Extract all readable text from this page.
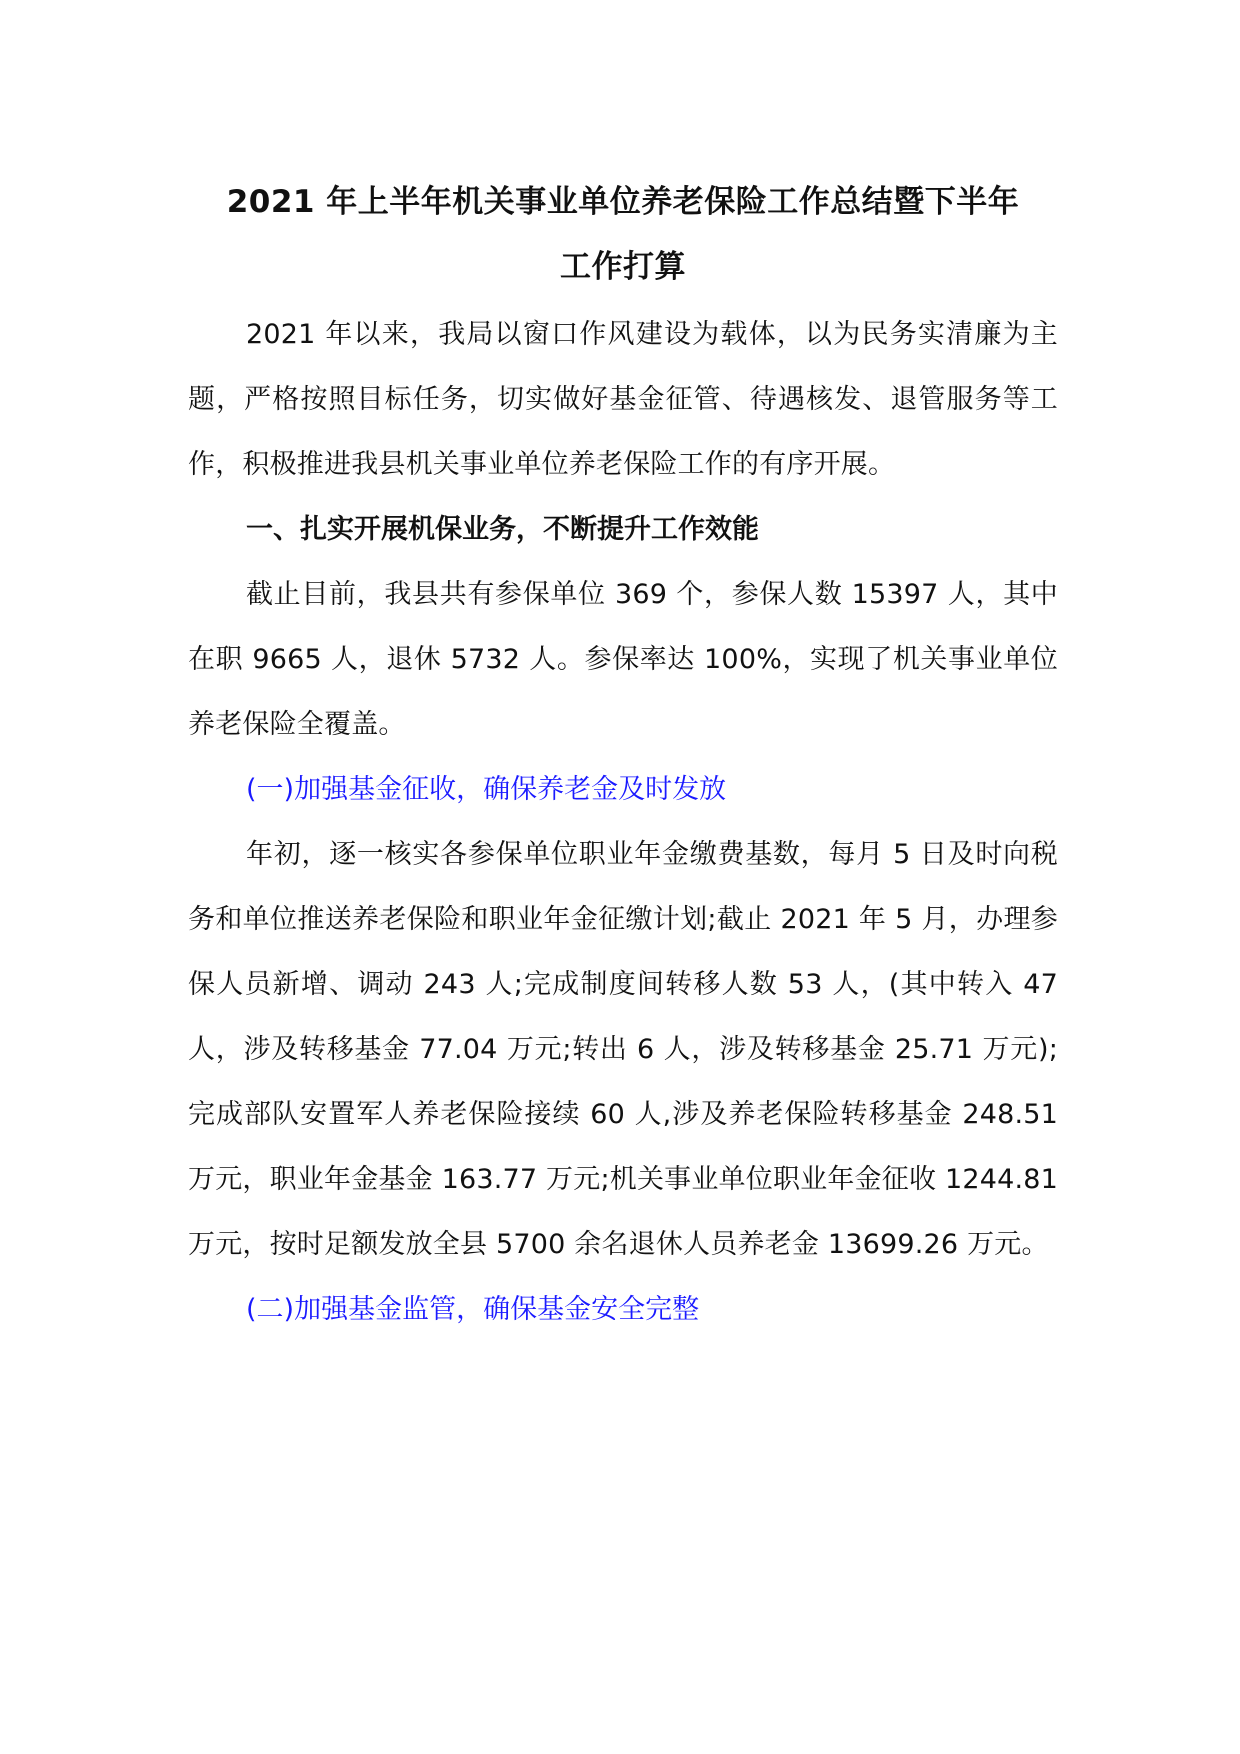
2021 年上半年机关事业单位养老保险工作总结暨下半年
工作打算

2021 年以来，我局以窗口作风建设为载体，以为民务实清廉为主题，严格按照目标任务，切实做好基金征管、待遇核发、退管服务等工作，积极推进我县机关事业单位养老保险工作的有序开展。

一、扎实开展机保业务，不断提升工作效能

截止目前，我县共有参保单位 369 个，参保人数 15397 人，其中在职 9665 人，退休 5732 人。参保率达 100%，实现了机关事业单位养老保险全覆盖。

(一)加强基金征收，确保养老金及时发放

年初，逐一核实各参保单位职业年金缴费基数，每月 5 日及时向税务和单位推送养老保险和职业年金征缴计划;截止 2021 年 5 月，办理参保人员新增、调动 243 人;完成制度间转移人数 53 人，(其中转入 47 人，涉及转移基金 77.04 万元;转出 6 人，涉及转移基金 25.71 万元);完成部队安置军人养老保险接续 60 人,涉及养老保险转移基金 248.51 万元，职业年金基金 163.77 万元;机关事业单位职业年金征收 1244.81 万元，按时足额发放全县 5700 余名退休人员养老金 13699.26 万元。

(二)加强基金监管，确保基金安全完整
